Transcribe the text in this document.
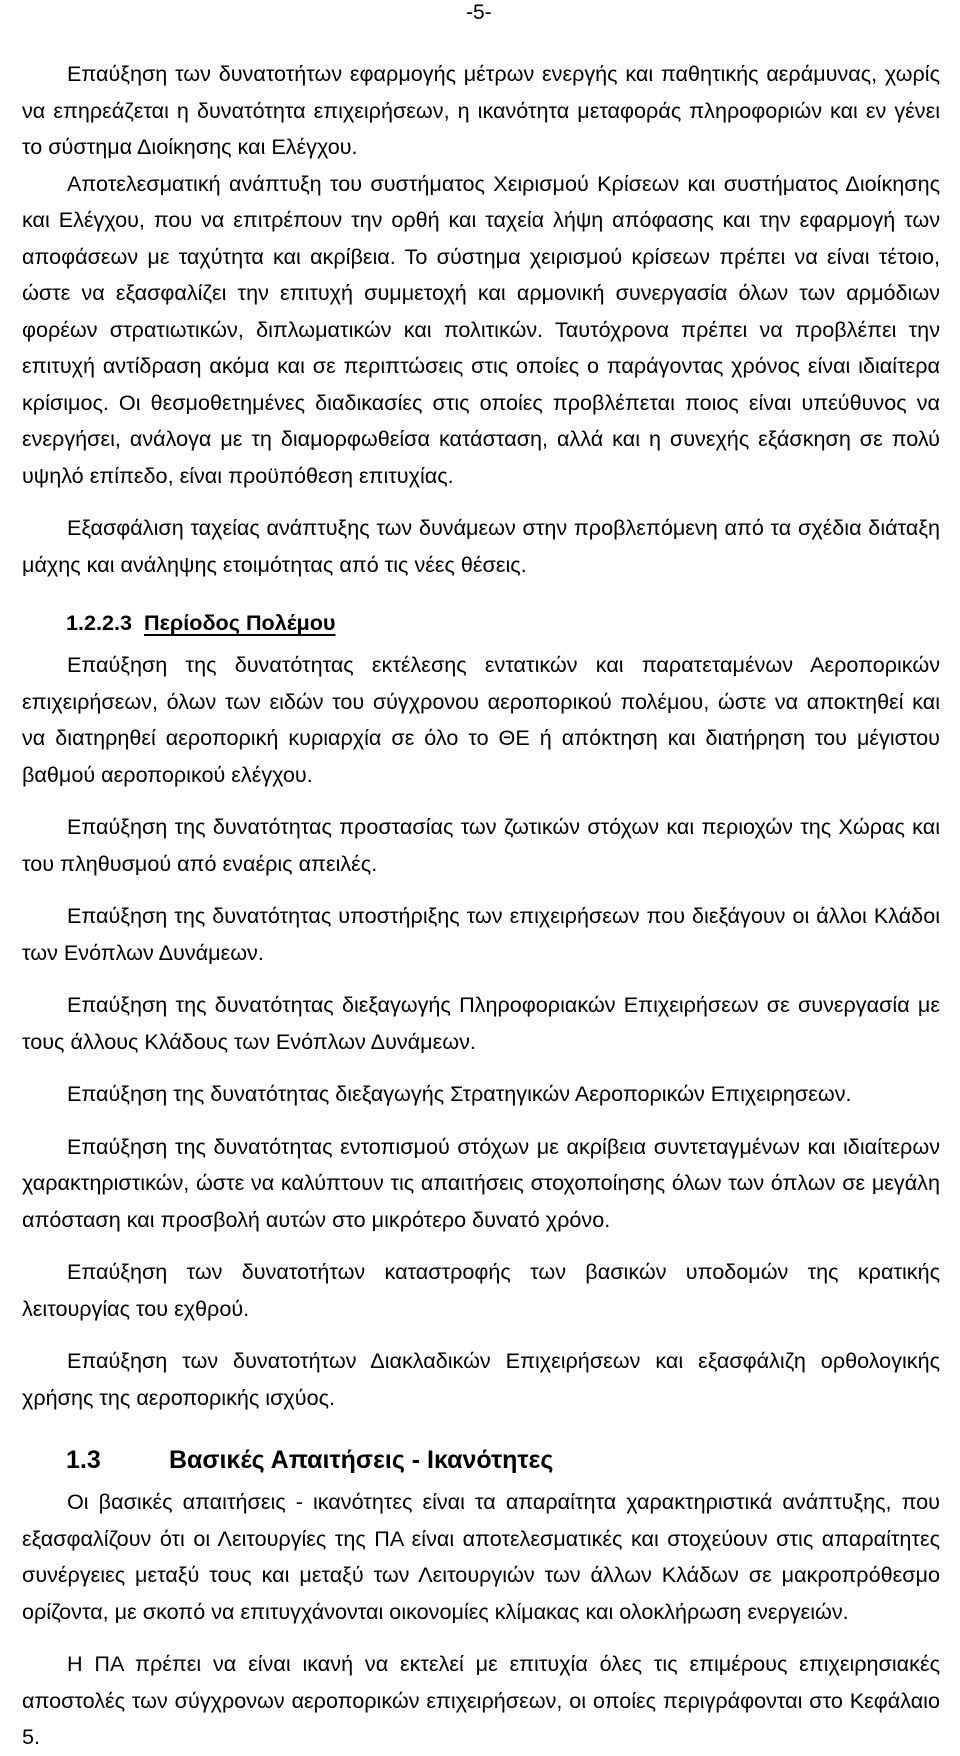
-5-

Επαύξηση των δυνατοτήτων εφαρμογής μέτρων ενεργής και παθητικής αεράμυνας, χωρίς να επηρεάζεται η δυνατότητα επιχειρήσεων, η ικανότητα μεταφοράς πληροφοριών και εν γένει το σύστημα Διοίκησης και Ελέγχου.

Αποτελεσματική ανάπτυξη του συστήματος Χειρισμού Κρίσεων και συστήματος Διοίκησης και Ελέγχου, που να επιτρέπουν την ορθή και ταχεία λήψη απόφασης και την εφαρμογή των αποφάσεων με ταχύτητα και ακρίβεια. Το σύστημα χειρισμού κρίσεων πρέπει να είναι τέτοιο, ώστε να εξασφαλίζει την επιτυχή συμμετοχή και αρμονική συνεργασία όλων των αρμόδιων φορέων στρατιωτικών, διπλωματικών και πολιτικών. Ταυτόχρονα πρέπει να προβλέπει την επιτυχή αντίδραση ακόμα και σε περιπτώσεις στις οποίες ο παράγοντας χρόνος είναι ιδιαίτερα κρίσιμος. Οι θεσμοθετημένες διαδικασίες στις οποίες προβλέπεται ποιος είναι υπεύθυνος να ενεργήσει, ανάλογα με τη διαμορφωθείσα κατάσταση, αλλά και η συνεχής εξάσκηση σε πολύ υψηλό επίπεδο, είναι προϋπόθεση επιτυχίας.

Εξασφάλιση ταχείας ανάπτυξης των δυνάμεων στην προβλεπόμενη από τα σχέδια διάταξη μάχης και ανάληψης ετοιμότητας από τις νέες θέσεις.

1.2.2.3 Περίοδος Πολέμου

Επαύξηση της δυνατότητας εκτέλεσης εντατικών και παρατεταμένων Αεροπορικών επιχειρήσεων, όλων των ειδών του σύγχρονου αεροπορικού πολέμου, ώστε να αποκτηθεί και να διατηρηθεί αεροπορική κυριαρχία σε όλο το ΘΕ ή απόκτηση και διατήρηση του μέγιστου βαθμού αεροπορικού ελέγχου.

Επαύξηση της δυνατότητας προστασίας των ζωτικών στόχων και περιοχών της Χώρας και του πληθυσμού από εναέρις απειλές.

Επαύξηση της δυνατότητας υποστήριξης των επιχειρήσεων που διεξάγουν οι άλλοι Κλάδοι των Ενόπλων Δυνάμεων.

Επαύξηση της δυνατότητας διεξαγωγής Πληροφοριακών Επιχειρήσεων σε συνεργασία με τους άλλους Κλάδους των Ενόπλων Δυνάμεων.

Επαύξηση της δυνατότητας διεξαγωγής Στρατηγικών Αεροπορικών Επιχειρησεων.

Επαύξηση της δυνατότητας εντοπισμού στόχων με ακρίβεια συντεταγμένων και ιδιαίτερων χαρακτηριστικών, ώστε να καλύπτουν τις απαιτήσεις στοχοποίησης όλων των όπλων σε μεγάλη απόσταση και προσβολή αυτών στο μικρότερο δυνατό χρόνο.

Επαύξηση των δυνατοτήτων καταστροφής των βασικών υποδομών της κρατικής λειτουργίας του εχθρού.

Επαύξηση των δυνατοτήτων Διακλαδικών Επιχειρήσεων και εξασφάλιζη ορθολογικής χρήσης της αεροπορικής ισχύος.

1.3	Βασικές Απαιτήσεις - Ικανότητες

Οι βασικές απαιτήσεις - ικανότητες είναι τα απαραίτητα χαρακτηριστικά ανάπτυξης, που εξασφαλίζουν ότι οι Λειτουργίες της ΠΑ είναι αποτελεσματικές και στοχεύουν στις απαραίτητες συνέργειες μεταξύ τους και μεταξύ των Λειτουργιών των άλλων Κλάδων σε μακροπρόθεσμο ορίζοντα, με σκοπό να επιτυγχάνονται οικονομίες κλίμακας και ολοκλήρωση ενεργειών.

Η ΠΑ πρέπει να είναι ικανή να εκτελεί με επιτυχία όλες τις επιμέρους επιχειρησιακές αποστολές των σύγχρονων αεροπορικών επιχειρήσεων, οι οποίες περιγράφονται στο Κεφάλαιο 5.
